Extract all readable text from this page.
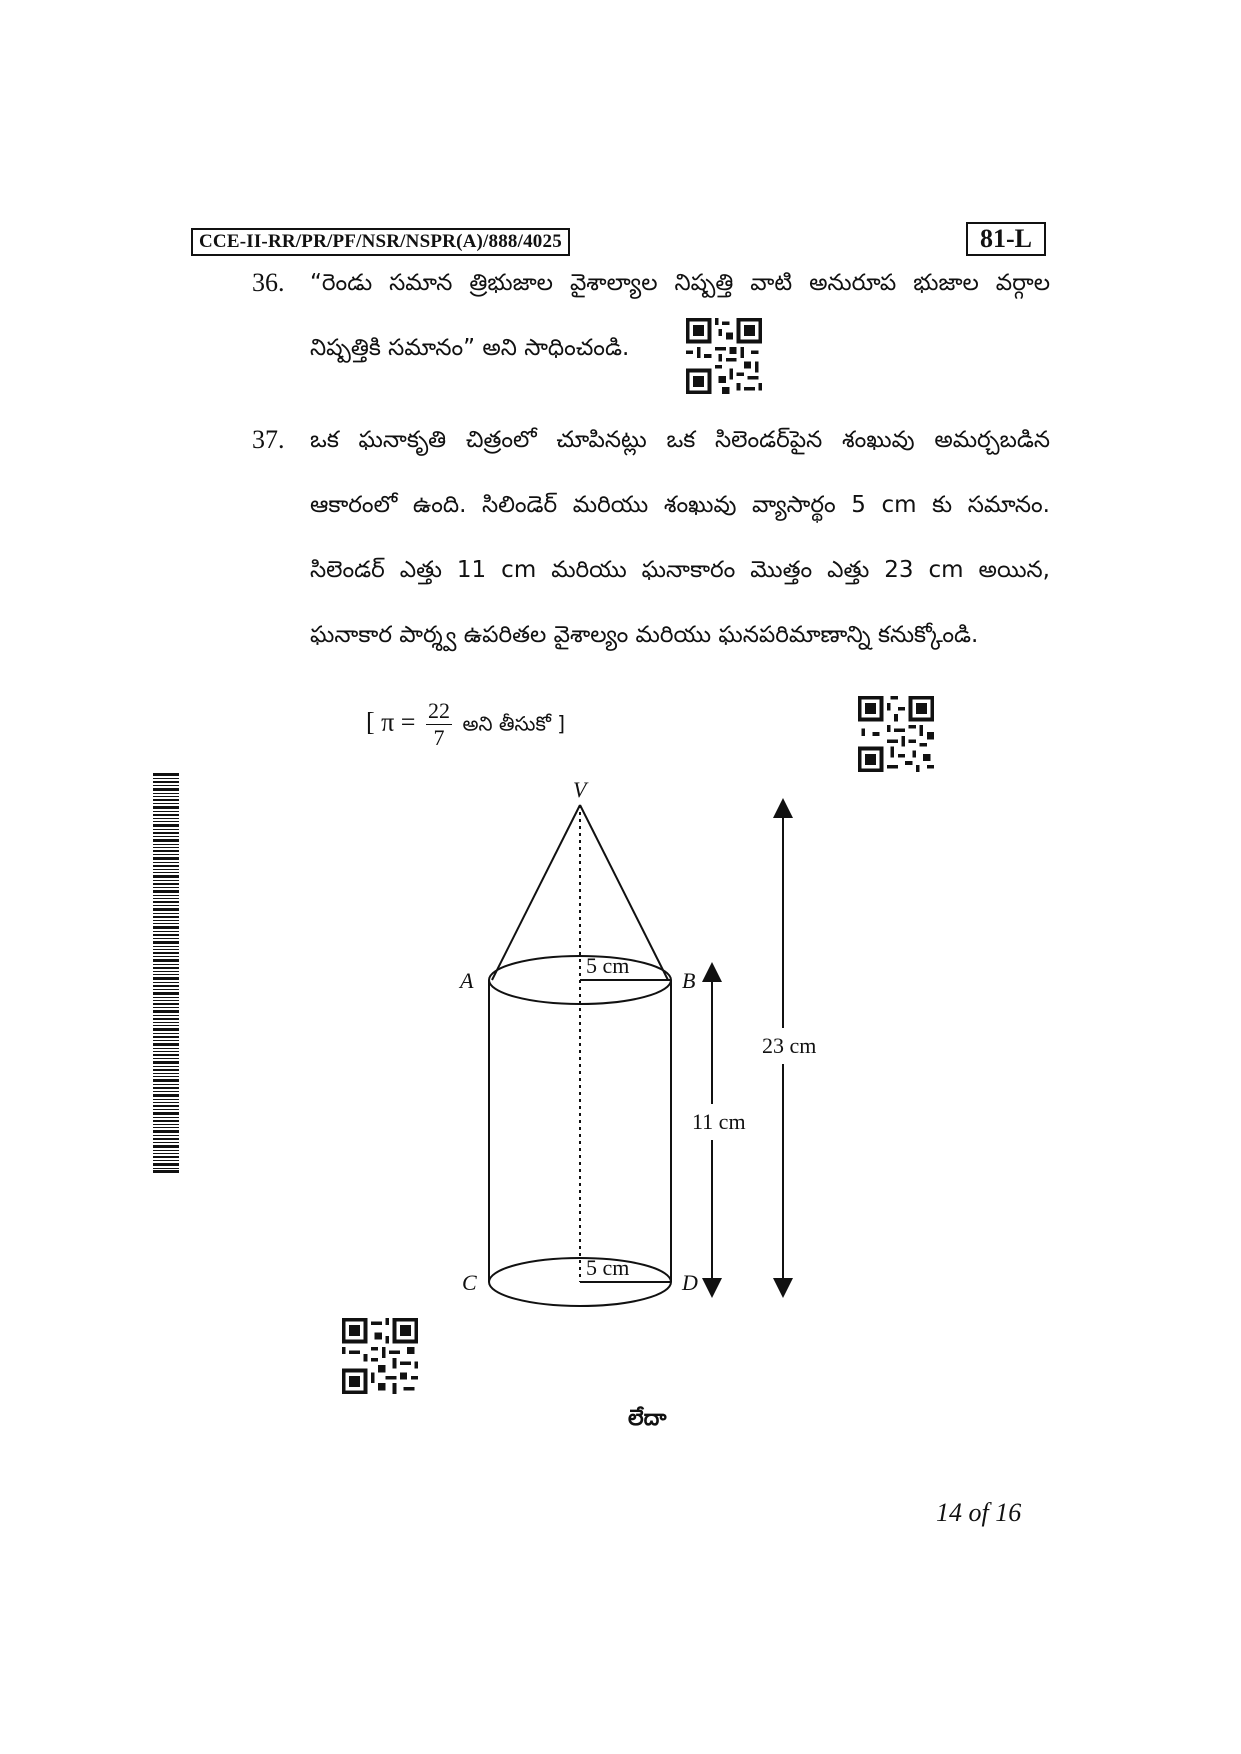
CCE-II-RR/PR/PF/NSR/NSPR(A)/888/4025	81-L
36. “రెండు సమాన త్రిభుజాల వైశాల్యాల నిష్పత్తి వాటి అనురూప భుజాల వర్గాల
నిష్పత్తికి సమానం” అని సాధించండి.
37. ఒక ఘనాకృతి చిత్రంలో చూపినట్లు ఒక సిలెండర్‌పైన శంఖువు అమర్చబడిన
ఆకారంలో ఉంది. సిలిండెర్ మరియు శంఖువు వ్యాసార్థం 5 cm కు సమానం.
సిలెండర్ ఎత్తు 11 cm మరియు ఘనాకారం మొత్తం ఎత్తు 23 cm అయిన,
ఘనాకార పార్శ్వ ఉపరితల వైశాల్యం మరియు ఘనపరిమాణాన్ని కనుక్కోండి.
[ $\pi = \frac{22}{7}$ అని తీసుకో ]
V
A	B
C	D
5 cm
5 cm
11 cm
23 cm
లేదా
14 of 16
